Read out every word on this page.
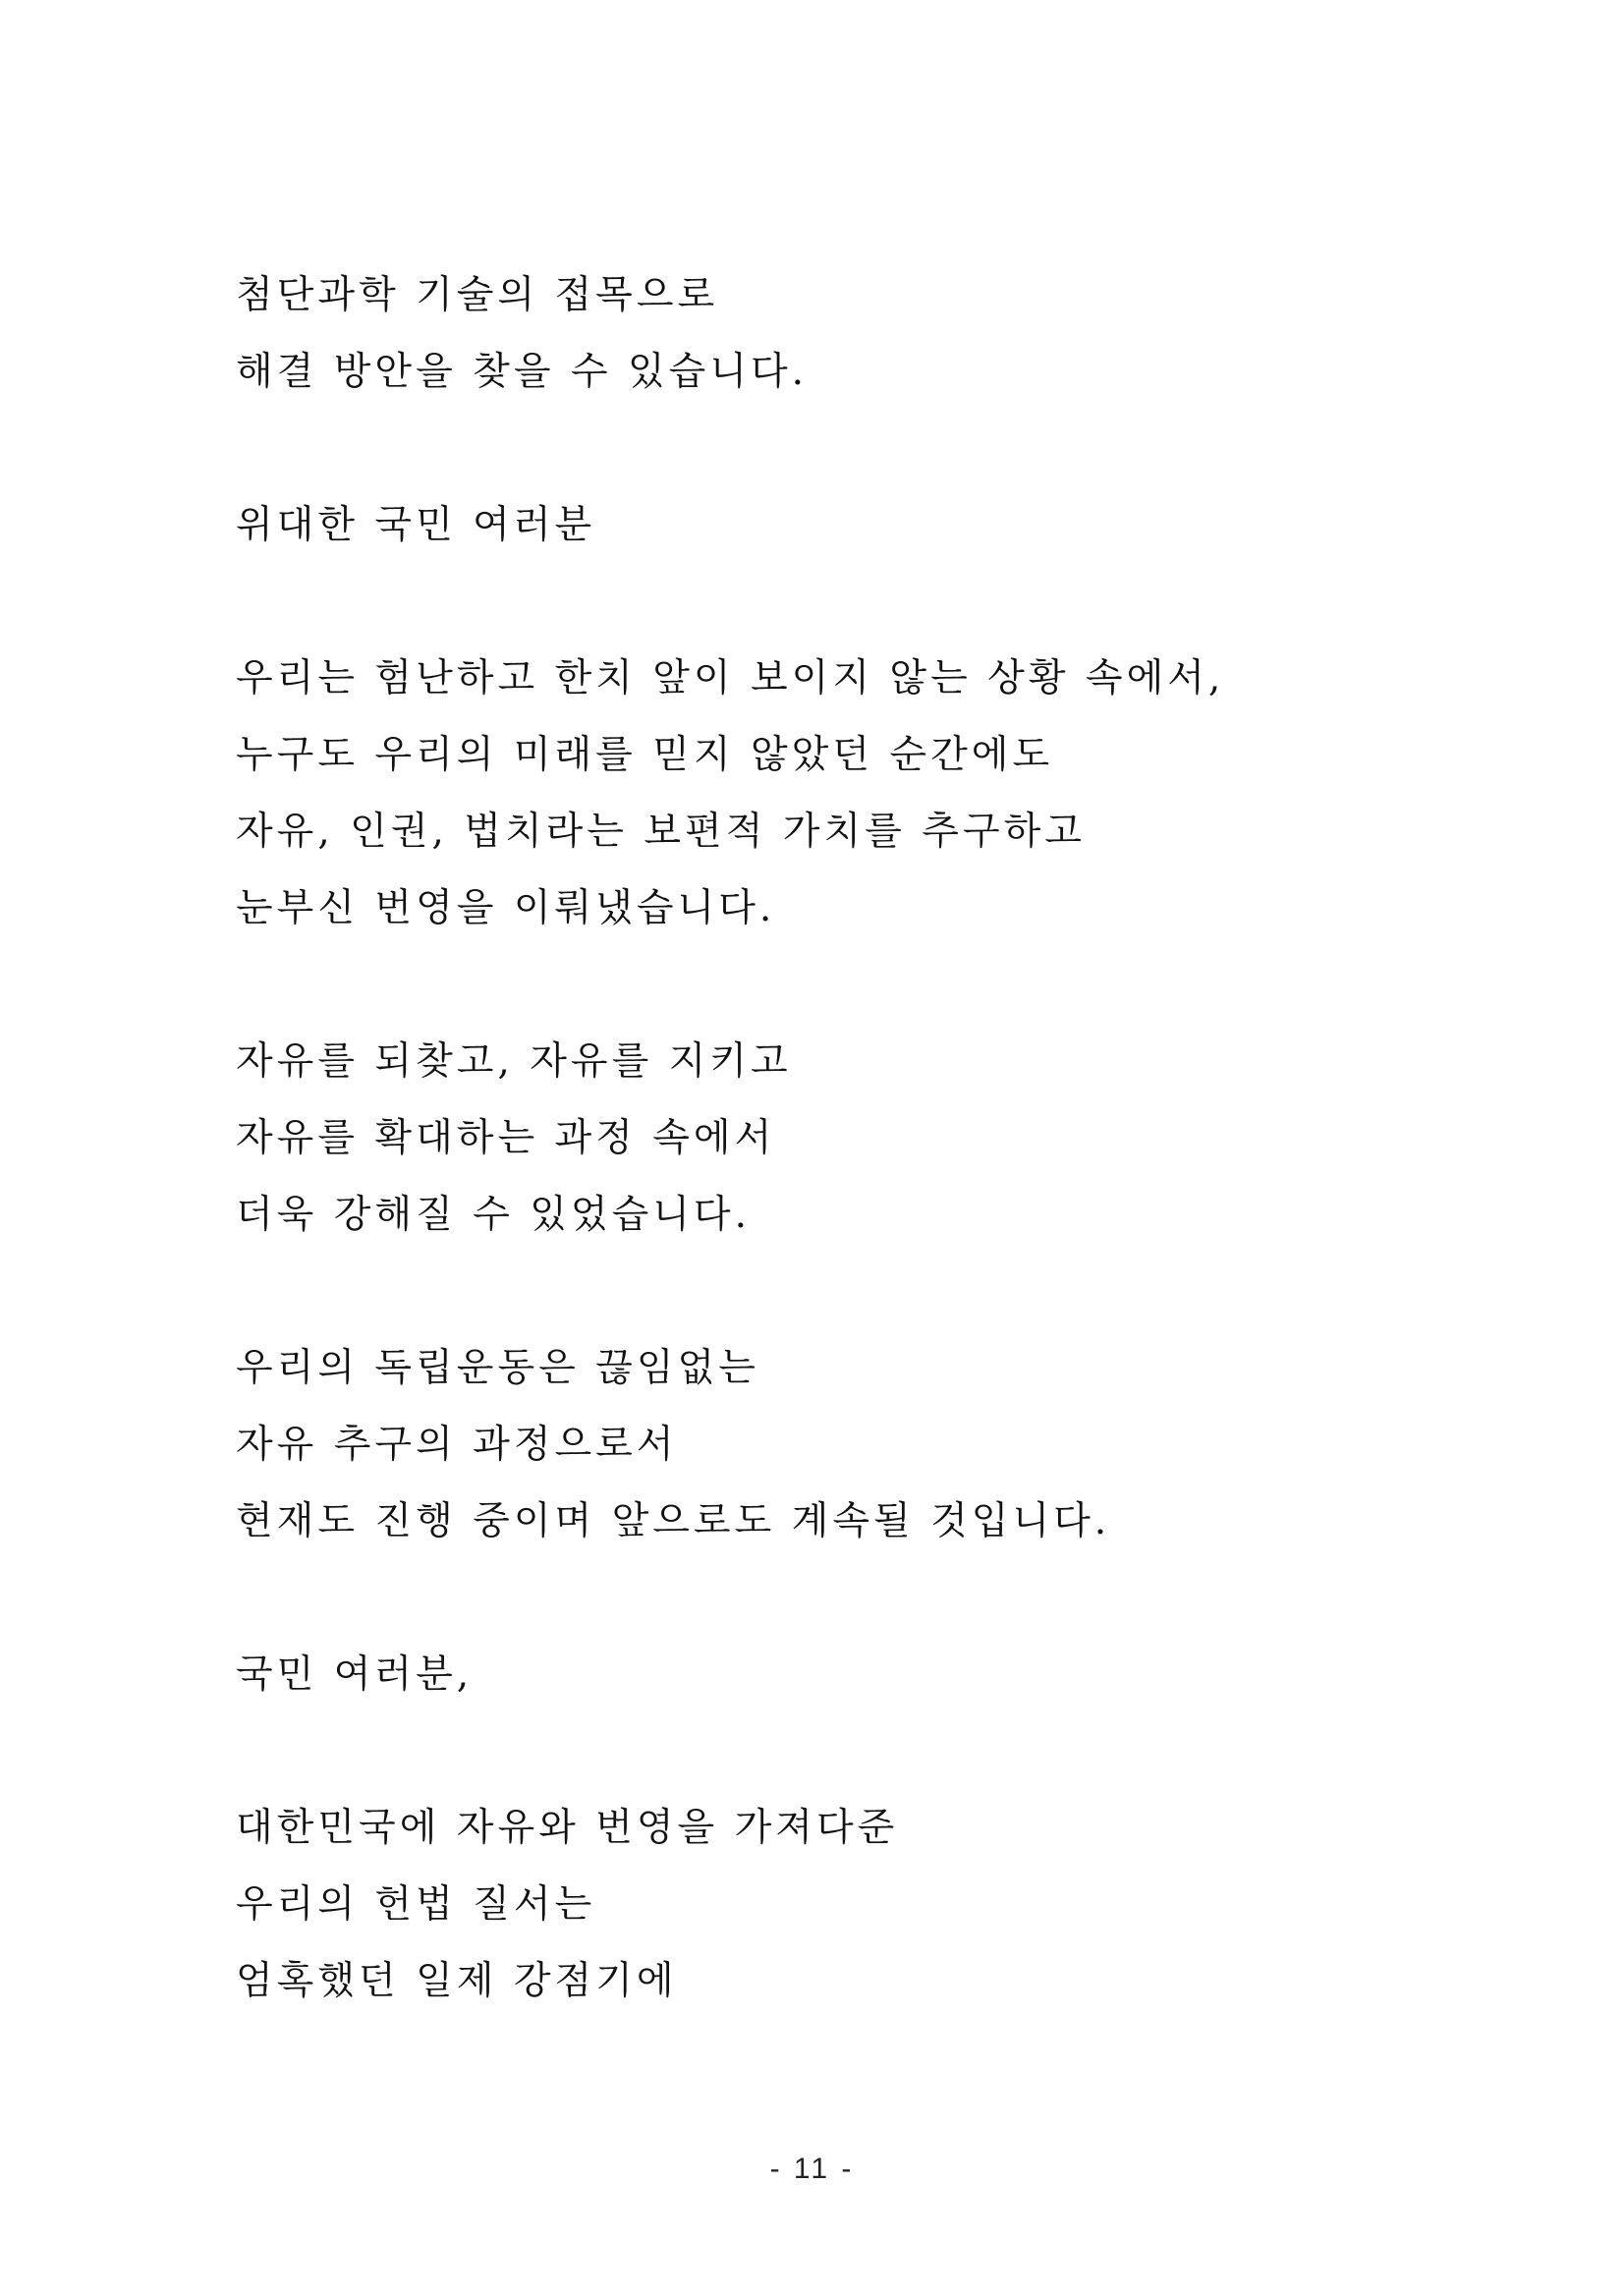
첨단과학 기술의 접목으로
해결 방안을 찾을 수 있습니다.
위대한 국민 여러분
우리는 험난하고 한치 앞이 보이지 않는 상황 속에서,
누구도 우리의 미래를 믿지 않았던 순간에도
자유, 인권, 법치라는 보편적 가치를 추구하고
눈부신 번영을 이뤄냈습니다.
자유를 되찾고, 자유를 지키고
자유를 확대하는 과정 속에서
더욱 강해질 수 있었습니다.
우리의 독립운동은 끊임없는
자유 추구의 과정으로서
현재도 진행 중이며 앞으로도 계속될 것입니다.
국민 여러분,
대한민국에 자유와 번영을 가져다준
우리의 헌법 질서는
엄혹했던 일제 강점기에
- 11 -
